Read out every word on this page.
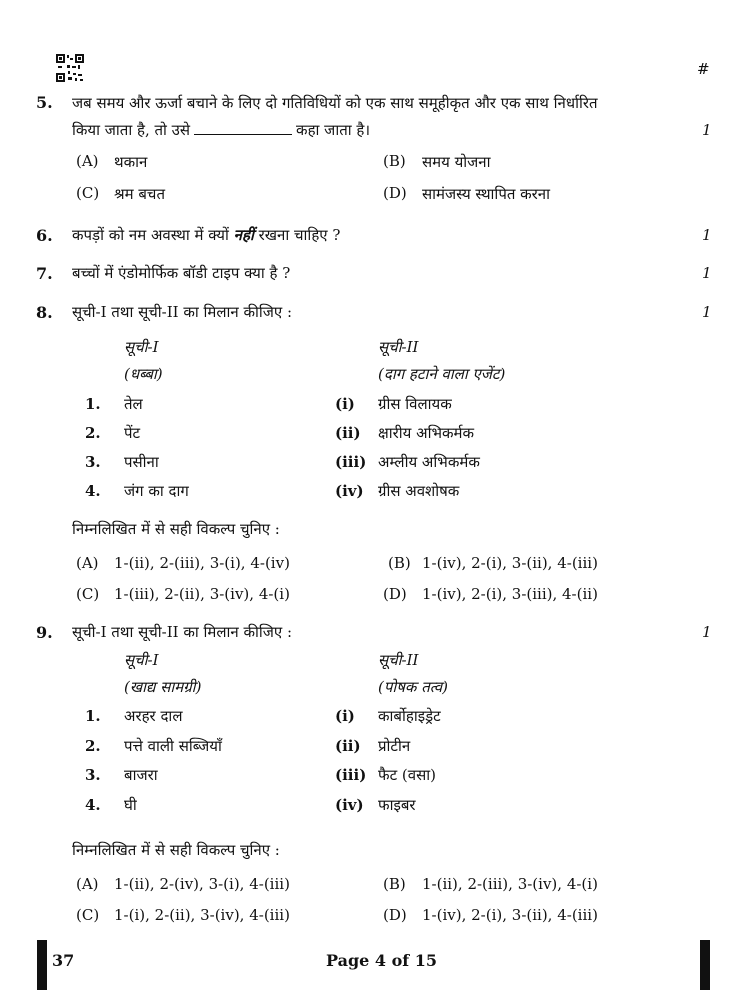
#
5. जब समय और ऊर्जा बचाने के लिए दो गतिविधियों को एक साथ समूहीकृत और एक साथ निर्धारित
किया जाता है, तो उसे	कहा जाता है।	1
(A) थकान	(B) समय योजना
(C) श्रम बचत	(D) सामंजस्य स्थापित करना
6. कपड़ों को नम अवस्था में क्यों नहीं रखना चाहिए ?	1
7. बच्चों में एंडोमोर्फिक बॉडी टाइप क्या है ?	1
8. सूची-I तथा सूची-II का मिलान कीजिए :	1
सूची-I
(धब्बा)
सूची-II
(दाग हटाने वाला एजेंट)
1. तेल	(i) ग्रीस विलायक
2. पेंट	(ii) क्षारीय अभिकर्मक
3. पसीना	(iii) अम्लीय अभिकर्मक
4. जंग का दाग	(iv) ग्रीस अवशोषक
निम्नलिखित में से सही विकल्प चुनिए :
(A) 1-(ii), 2-(iii), 3-(i), 4-(iv)	(B) 1-(iv), 2-(i), 3-(ii), 4-(iii)
(C) 1-(iii), 2-(ii), 3-(iv), 4-(i)	(D) 1-(iv), 2-(i), 3-(iii), 4-(ii)
9. सूची-I तथा सूची-II का मिलान कीजिए :	1
सूची-I
(खाद्य सामग्री)
सूची-II
(पोषक तत्व)
1. अरहर दाल	(i) कार्बोहाइड्रेट
2. पत्ते वाली सब्जियाँ	(ii) प्रोटीन
3. बाजरा	(iii) फैट (वसा)
4. घी	(iv) फाइबर
निम्नलिखित में से सही विकल्प चुनिए :
(A) 1-(ii), 2-(iv), 3-(i), 4-(iii)	(B) 1-(ii), 2-(iii), 3-(iv), 4-(i)
(C) 1-(i), 2-(ii), 3-(iv), 4-(iii)	(D) 1-(iv), 2-(i), 3-(ii), 4-(iii)
37	Page 4 of 15
